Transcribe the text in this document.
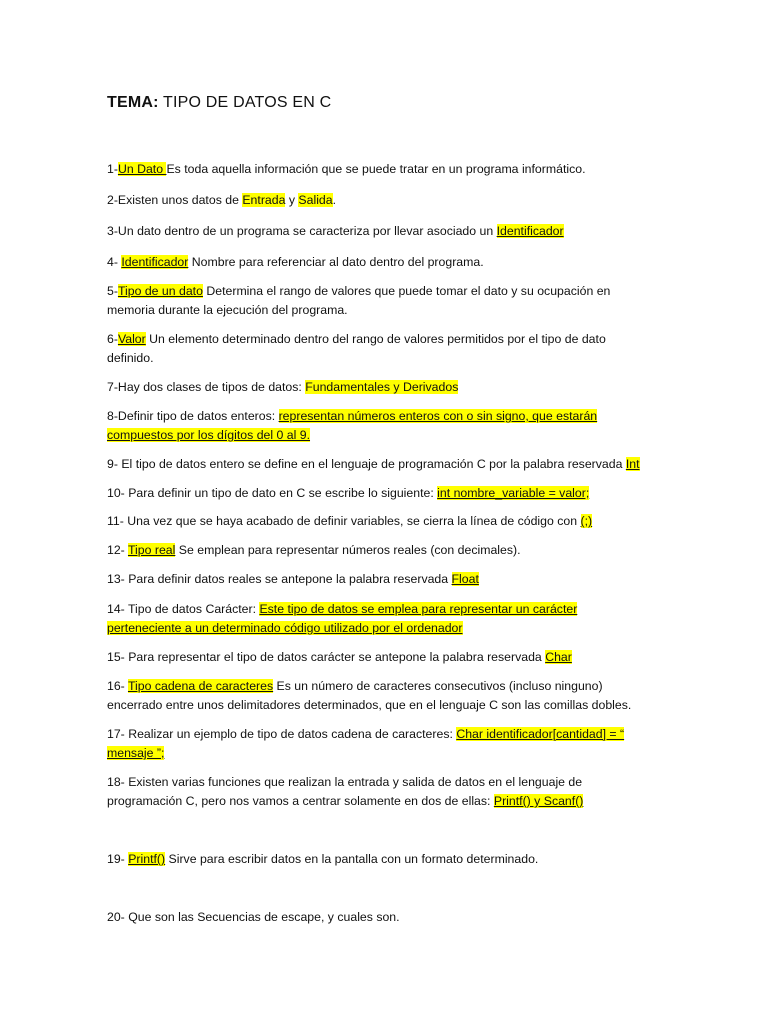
TEMA: TIPO DE DATOS EN C
1-Un Dato Es toda aquella información que se puede tratar en un programa informático.
2-Existen unos datos de Entrada y Salida.
3-Un dato dentro de un programa se caracteriza por llevar asociado un Identificador
4- Identificador Nombre para referenciar al dato dentro del programa.
5-Tipo de un dato Determina el rango de valores que puede tomar el dato y su ocupación en
memoria durante la ejecución del programa.
6-Valor Un elemento determinado dentro del rango de valores permitidos por el tipo de dato
definido.
7-Hay dos clases de tipos de datos: Fundamentales y Derivados
8-Definir tipo de datos enteros: representan números enteros con o sin signo, que estarán
compuestos por los dígitos del 0 al 9.
9- El tipo de datos entero se define en el lenguaje de programación C por la palabra reservada Int
10- Para definir un tipo de dato en C se escribe lo siguiente: int nombre_variable = valor;
11- Una vez que se haya acabado de definir variables, se cierra la línea de código con (;)
12- Tipo real Se emplean para representar números reales (con decimales).
13- Para definir datos reales se antepone la palabra reservada Float
14- Tipo de datos Carácter: Este tipo de datos se emplea para representar un carácter
perteneciente a un determinado código utilizado por el ordenador
15- Para representar el tipo de datos carácter se antepone la palabra reservada Char
16- Tipo cadena de caracteres Es un número de caracteres consecutivos (incluso ninguno)
encerrado entre unos delimitadores determinados, que en el lenguaje C son las comillas dobles.
17- Realizar un ejemplo de tipo de datos cadena de caracteres: Char identificador[cantidad] = “
mensaje ”;
18- Existen varias funciones que realizan la entrada y salida de datos en el lenguaje de
programación C, pero nos vamos a centrar solamente en dos de ellas: Printf() y Scanf()
19- Printf() Sirve para escribir datos en la pantalla con un formato determinado.
20- Que son las Secuencias de escape, y cuales son.
